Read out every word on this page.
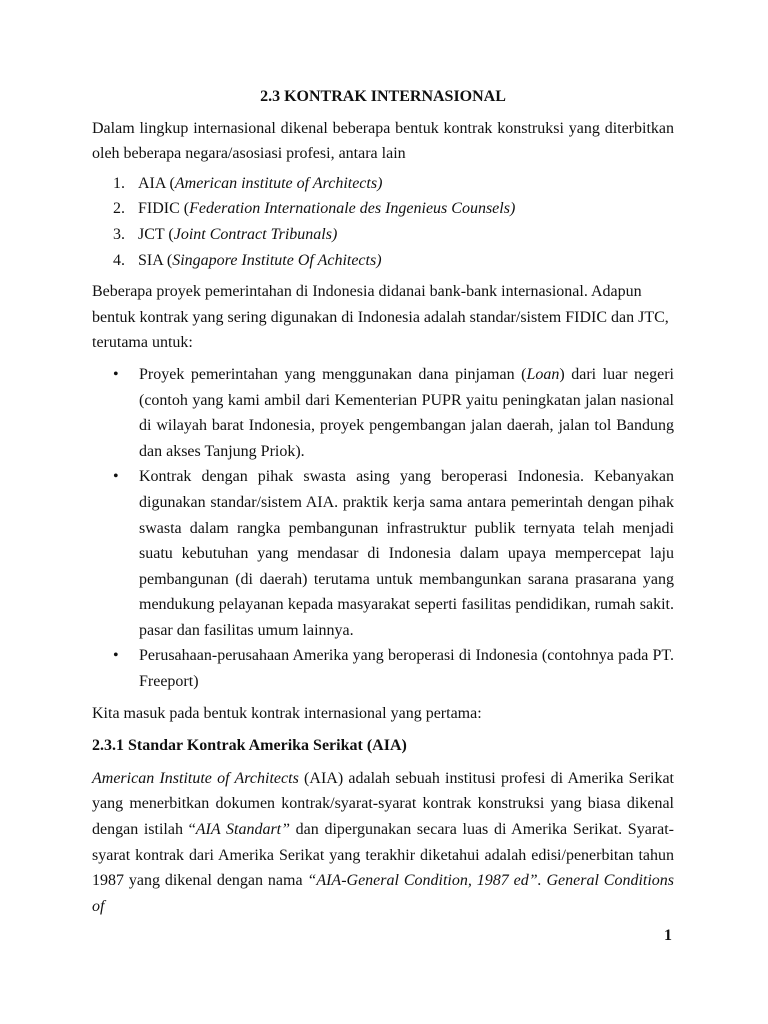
2.3 KONTRAK INTERNASIONAL
Dalam lingkup internasional dikenal beberapa bentuk kontrak konstruksi yang diterbitkan oleh beberapa negara/asosiasi profesi, antara lain
1. AIA (American institute of Architects)
2. FIDIC (Federation Internationale des Ingenieus Counsels)
3. JCT (Joint Contract Tribunals)
4. SIA (Singapore Institute Of Achitects)
Beberapa proyek pemerintahan di Indonesia didanai bank-bank internasional. Adapun bentuk kontrak yang sering digunakan di Indonesia adalah standar/sistem FIDIC dan JTC, terutama untuk:
• Proyek pemerintahan yang menggunakan dana pinjaman (Loan) dari luar negeri (contoh yang kami ambil dari Kementerian PUPR yaitu peningkatan jalan nasional di wilayah barat Indonesia, proyek pengembangan jalan daerah, jalan tol Bandung dan akses Tanjung Priok).
• Kontrak dengan pihak swasta asing yang beroperasi Indonesia. Kebanyakan digunakan standar/sistem AIA. praktik kerja sama antara pemerintah dengan pihak swasta dalam rangka pembangunan infrastruktur publik ternyata telah menjadi suatu kebutuhan yang mendasar di Indonesia dalam upaya mempercepat laju pembangunan (di daerah) terutama untuk membangunkan sarana prasarana yang mendukung pelayanan kepada masyarakat seperti fasilitas pendidikan, rumah sakit. pasar dan fasilitas umum lainnya.
• Perusahaan-perusahaan Amerika yang beroperasi di Indonesia (contohnya pada PT. Freeport)
Kita masuk pada bentuk kontrak internasional yang pertama:
2.3.1 Standar Kontrak Amerika Serikat (AIA)
American Institute of Architects (AIA) adalah sebuah institusi profesi di Amerika Serikat yang menerbitkan dokumen kontrak/syarat-syarat kontrak konstruksi yang biasa dikenal dengan istilah “AIA Standart” dan dipergunakan secara luas di Amerika Serikat. Syarat-syarat kontrak dari Amerika Serikat yang terakhir diketahui adalah edisi/penerbitan tahun 1987 yang dikenal dengan nama “AIA-General Condition, 1987 ed”. General Conditions of
1
